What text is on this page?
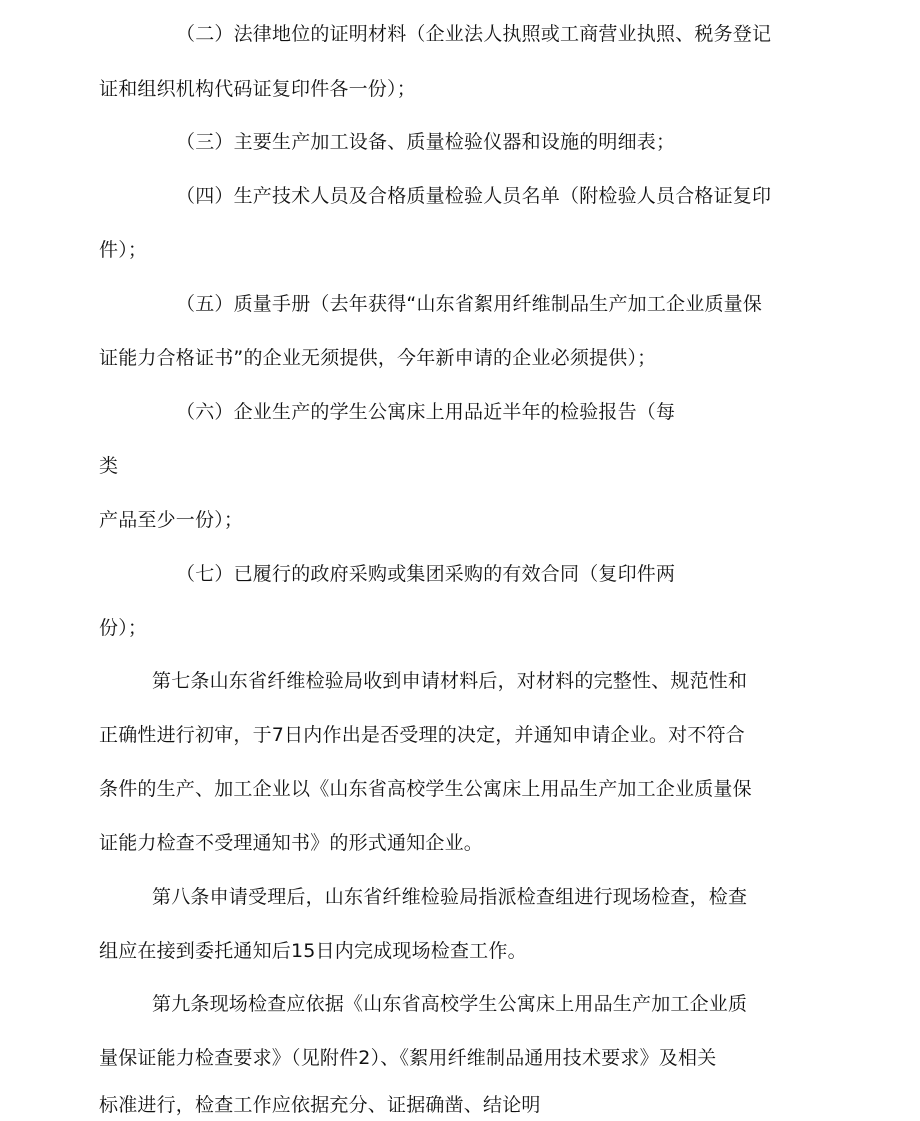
（二）法律地位的证明材料（企业法人执照或工商营业执照、税务登记
证和组织机构代码证复印件各一份）；
（三）主要生产加工设备、质量检验仪器和设施的明细表；
（四）生产技术人员及合格质量检验人员名单（附检验人员合格证复印
件）；
（五）质量手册（去年获得“山东省絮用纤维制品生产加工企业质量保
证能力合格证书”的企业无须提供，今年新申请的企业必须提供）；
（六）企业生产的学生公寓床上用品近半年的检验报告（每
类
产品至少一份）；
（七）已履行的政府采购或集团采购的有效合同（复印件两
份）；
第七条山东省纤维检验局收到申请材料后，对材料的完整性、规范性和
正确性进行初审，于7日内作出是否受理的决定，并通知申请企业。对不符合
条件的生产、加工企业以《山东省高校学生公寓床上用品生产加工企业质量保
证能力检查不受理通知书》的形式通知企业。
第八条申请受理后，山东省纤维检验局指派检查组进行现场检查，检查
组应在接到委托通知后15日内完成现场检查工作。
第九条现场检查应依据《山东省高校学生公寓床上用品生产加工企业质
量保证能力检查要求》（见附件2）、《絮用纤维制品通用技术要求》及相关
标准进行，检查工作应依据充分、证据确凿、结论明
